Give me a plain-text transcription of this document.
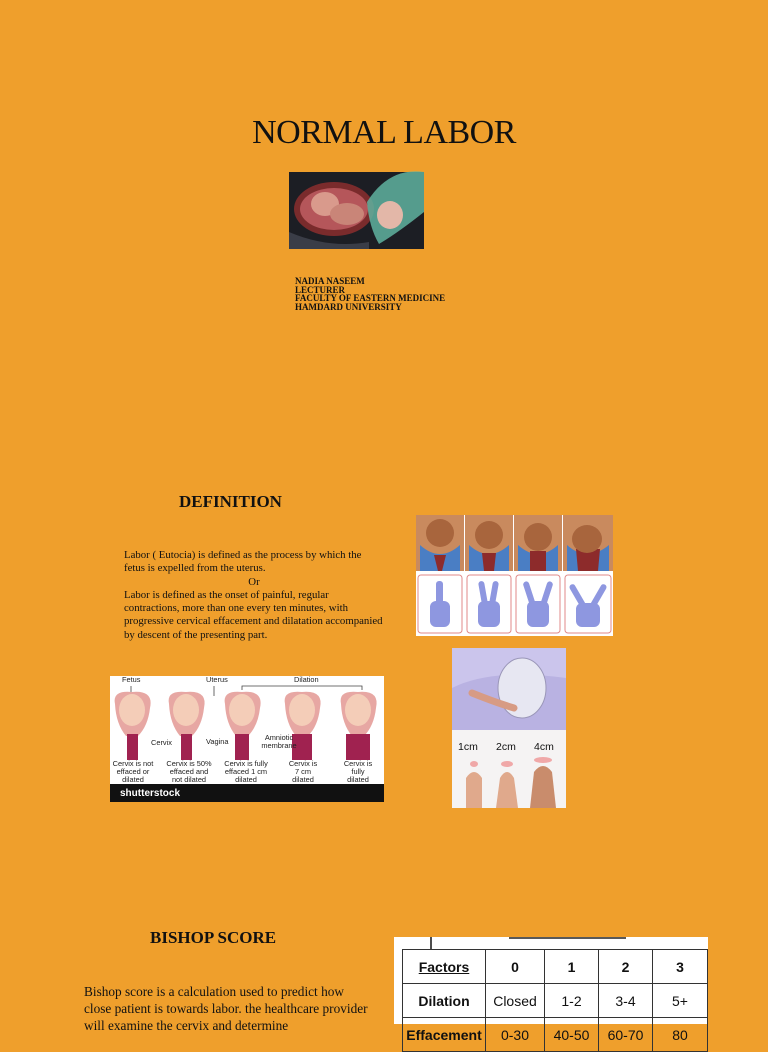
NORMAL LABOR
NADIA NASEEM
LECTURER
FACULTY OF EASTERN MEDICINE
HAMDARD UNIVERSITY
DEFINITION
Labor ( Eutocia) is defined as the process by which the fetus is expelled from the uterus.
Or
Labor is defined as the onset of painful, regular contractions, more than one every ten minutes, with progressive cervical effacement and dilatation accompanied by descent of the presenting part.
Fetus	Uterus	Dilation
Cervix	Vagina	Amniotic membrane
Cervix is not effaced or dilated
Cervix is 50% effaced and not dilated
Cervix is fully effaced 1 cm dilated
Cervix is 7 cm dilated
Cervix is fully dilated
shutterstock
1cm 2cm 4cm
BISHOP SCORE
Bishop score is a calculation used to predict how close patient is towards labor. the healthcare provider will examine the cervix and determine
Factors	0	1	2	3
Dilation	Closed	1-2	3-4	5+
Effacement	0-30	40-50	60-70	80
